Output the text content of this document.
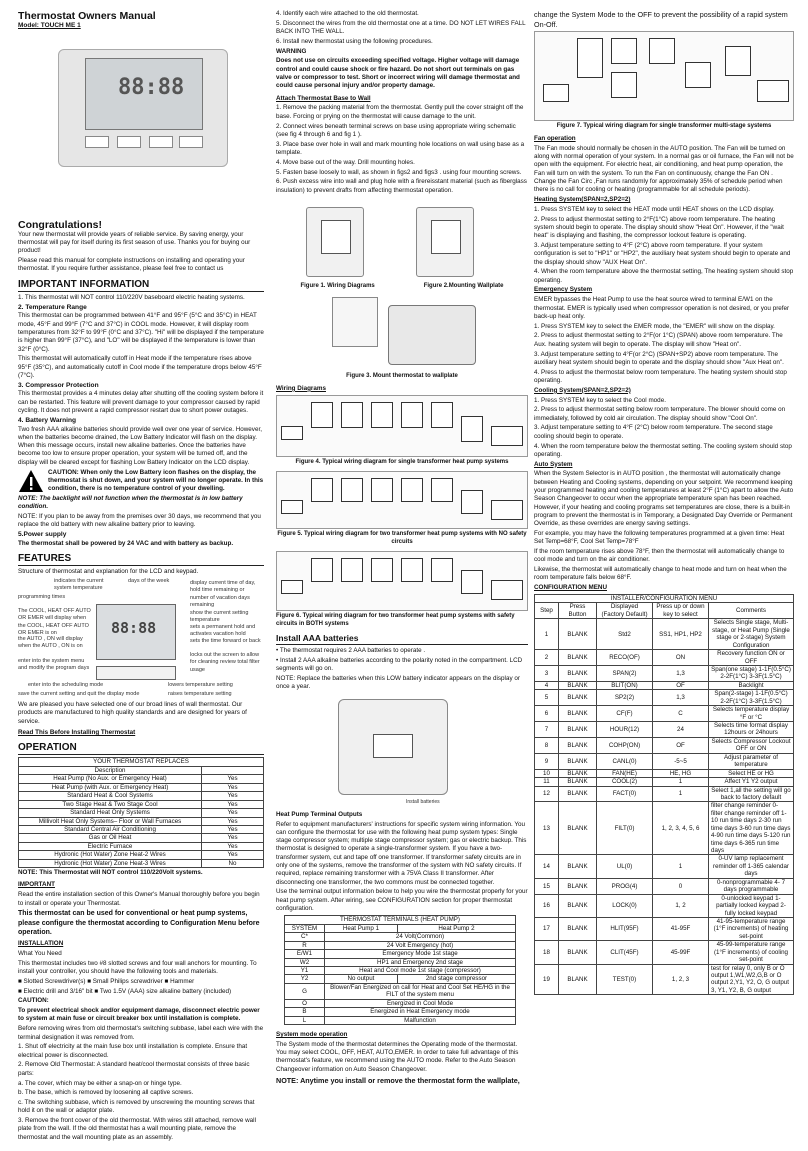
Thermostat Owners Manual
Model: TOUCH ME 1
88:88
Congratulations!

Your new thermostat will provide years of reliable service. By saving energy, your thermostat will pay for itself during its first season of use. Thanks you for buying our product!

Please read this manual for complete instructions on installing and operating your thermostat. If you require further assistance, please feel free to contact us

IMPORTANT INFORMATION

1. This thermostat will NOT control 110/220V baseboard electric heating systems.

2. Temperature Range

This thermostat can be programmed between 41°F and 95°F (5°C and 35°C) in HEAT mode, 45°F and 99°F (7°C and 37°C) in COOL mode. However, it will display room temperatures from 32°F to 99°F (0°C and 37°C). "Hi" will be displayed if the temperature is higher than 99°F (37°C), and "LO" will be displayed if the temperature is lower than 32°F (0°C).

This thermostat will automatically cutoff in Heat mode if the temperature rises above 95°F (35°C), and automatically cutoff in Cool mode if the temperature drops below 45°F (7°C).

3. Compressor Protection

This thermostat provides a 4 minutes delay after shutting off the cooling system before it can be restarted. This feature will prevent damage to your compressor caused by rapid cycling. It does not prevent a rapid compressor restart due to short power outages.

4. Battery Warning

Two fresh AAA alkaline batteries should provide well over one year of service. However, when the batteries become drained, the Low Battery Indicator will flash on the display. When this message occurs, install new alkaline batteries. Once the batteries have become too low to ensure proper operation, your system will be turned off, and the display will be cleared except for flashing Low Battery Indicator on the LCD display.

CAUTION: When only the Low Battery icon flashes on the display, the thermostat is shut down, and your system will no longer operate. In this condition, there is no temperature control of your dwelling.

NOTE: The backlight will not function when the thermostat is in low battery condition.

NOTE: If you plan to be away from the premises over 30 days, we recommend that you replace the old battery with new alkaline battery prior to leaving.

5.Power supply

The thermostat shall be powered by 24 VAC and with battery as backup.

FEATURES

Structure of thermostat and explanation for the LCD and keypad.

88:88
indicates the current system temperature
days of the week	display current time of day, hold time remaining or number of vacation days remaining
programming times
The COOL, HEAT OFF AUTO OR EMER will display when the COOL, HEAT OFF AUTO OR EMER is on
show the current setting temperature
sets a permanent hold and activates vacation hold
the AUTO , ON will display when the AUTO , ON is on
sets the time forward or back
locks out the screen to allow for cleaning review total filter usage
enter into the system menu and modify the program days
enter into the scheduling mode	lowers temperature setting
save the current setting and quit the display mode	raises temperature setting

We are pleased you have selected one of our broad lines of wall thermostat. Our products are manufactured to high quality standards and are designed for years of service.

Read This Before Installing Thermostat

OPERATION
YOUR THERMOSTAT REPLACES	
Description	
Heat Pump (No Aux. or Emergency Heat)	Yes
Heat Pump (with Aux. or Emergency Heat)	Yes
Standard Heat & Cool Systems	Yes
Two Stage Heat & Two Stage Cool	Yes
Standard Heat Only Systems	Yes
Millivolt Heat Only Systems– Floor or Wall Furnaces	Yes
Standard Central Air Conditioning	Yes
Gas or Oil Heat	Yes
Electric Furnace	Yes
Hydronic (Hot Water) Zone Heat-2 Wires	Yes
Hydronic (Hot Water) Zone Heat-3 Wires	No

NOTE: This Thermostat will NOT control 110/220Volt systems.

IMPORTANT

Read the entire installation section of this Owner's Manual thoroughly before you begin to install or operate your Thermostat.

This thermostat can be used for conventional or heat pump systems, please configure the thermostat according to Configuration Menu before operation.

INSTALLATION

What You Need

This thermostat includes two #8 slotted screws and four wall anchors for mounting. To install your controller, you should have the following tools and materials.

■ Slotted Screwdriver(s) ■ Small Philips screwdriver ■ Hammer

■ Electric drill and 3/16" bit ■ Two 1.5V (AAA) size alkaline battery (included)

CAUTION:

To prevent electrical shock and/or equipment damage, disconnect electric power to system at main fuse or circuit breaker box until installation is complete.

Before removing wires from old thermostat's switching subbase, label each wire with the terminal designation it was removed from.

1. Shut off electricity at the main fuse box until installation is complete. Ensure that electrical power is disconnected.

2. Remove Old Thermostat: A standard heat/cool thermostat consists of three basic parts:

a. The cover, which may be either a snap-on or hinge type.

b. The base, which is removed by loosening all captive screws.

c. The switching subbase, which is removed by unscrewing the mounting screws that hold it on the wall or adaptor plate.

3. Remove the front cover of the old thermostat. With wires still attached, remove wall plate from the wall. If the old thermostat has a wall mounting plate, remove the thermostat and the wall mounting plate as an assembly.

4. Identify each wire attached to the old thermostat.

5. Disconnect the wires from the old thermostat one at a time. DO NOT LET WIRES FALL BACK INTO THE WALL.

6. Install new thermostat using the following procedures.

WARNING

Does not use on circuits exceeding specified voltage. Higher voltage will damage control and could cause shock or fire hazard. Do not short out terminals on gas valve or compressor to test. Short or incorrect wiring will damage thermostat and could cause personal injury and/or property damage.

Attach Thermostat Base to Wall

1. Remove the packing material from the thermostat. Gently pull the cover straight off the base. Forcing or prying on the thermostat will cause damage to the unit.

2. Connect wires beneath terminal screws on base using appropriate wiring schematic (see fig 4 through 6 and fig 1 ).

3. Place base over hole in wall and mark mounting hole locations on wall using base as a template.

4. Move base out of the way. Drill mounting holes.

5. Fasten base loosely to wall, as shown in figs2 and figs3 . using four mounting screws.

6. Push excess wire into wall and plug hole with a firereisstant material (such as fiberglass insulation) to prevent drafts from affecting thermostat operation.

Figure 1. Wiring Diagrams	Figure 2.Mounting Wallplate
Figure 3. Mount thermostat to wallplate

Wiring Diagrams

Figure 4. Typical wiring diagram for single transformer heat pump systems
Figure 5. Typical wiring diagram for two transformer heat pump systems with NO safety circuits
Figure 6. Typical wiring diagram for two transformer heat pump systems with safety circuits in BOTH systems
Install AAA batteries

• The thermostat requires 2 AAA batteries to operate .

• Install 2 AAA alkaline batteries according to the polarity noted in the compartment. LCD segments will go on.

NOTE: Replace the batteries when this LOW battery indicator appears on the display or once a year.

Install batteries

Heat Pump Terminal Outputs

Refer to equipment manufacturers' instructions for specific system wiring information. You can configure the thermostat for use with the following heat pump system types: Single stage compressor system; multiple stage compressor system; gas or electric backup. This thermostat is designed to operate a single-transformer system. If you have a two-transformer system, cut and tape off one transformer. If transformer safety circuits are in only one of the systems, remove the transformer of the system with NO safety circuits. If required, replace remaining transformer with a 75VA Class II transformer. After disconnecting one transformer, the two commons must be connected together.

Use the terminal output information below to help you wire the thermostat properly for your heat pump system. After wiring, see CONFIGURATION section for proper thermostat configuration.

THERMOSTAT TERMINALS (HEAT PUMP)		
SYSTEM	Heat Pump 1	Heat Pump 2
C*	24 Volt(Common)	
R	24 Volt Emergency (hot)	
E/W1	Emergency Mode 1st stage	
W2	HP1 and Emergency 2nd stage	
Y1	Heat and Cool mode 1st stage (compressor)	
Y2	No output	2nd stage compressor
G	Blower/Fan Energized on call for Heat and Cool Set HE/HG in the FILT of the system menu	
O	Energized in Cool Mode	
B	Energized in Heat Emergency mode	
L	Malfunction	

System mode operation

The System mode of the thermostat determines the Operating mode of the thermostat. You may select COOL, OFF, HEAT, AUTO,EMER. In order to take full advantage of this thermostat's feature, we recommend using the AUTO mode. Refer to the Auto Season Changeover information on Auto Season Changeover.

NOTE: Anytime you install or remove the thermostat form the wallplate,

change the System Mode to the OFF to prevent the possibility of a rapid system On-Off.

Figure 7. Typical wiring diagram for single transformer multi-stage systems

Fan operation

The Fan mode should normally be chosen in the AUTO position. The Fan will be turned on along with normal operation of your system. In a normal gas or oil furnace, the Fan will not be open with the equipment. For electric heat, air conditioning, and heat pump operation, the Fan will turn on with the system. To run the Fan on continuously, change the Fan ON . Change the Fan Circ ,Fan runs randomly for approximately 35% of schedule period when there is no call for cooling or heating (programmable for all schedule periods).

Heating System(SPAN=2,SP2=2)

1. Press SYSTEM key to select the HEAT mode until HEAT shows on the LCD display.

2. Press to adjust thermostat setting to 2°F(1°C) above room temperature. The heating system should begin to operate. The display should show "Heat On". However, if the "wait heat" is displaying and flashing, the compressor lockout feature is operating.

3. Adjust temperature setting to 4°F (2°C) above room temperature. If your system configuration is set to "HP1" or "HP2", the auxiliary heat system should begin to operate and the display should show "AUX Heat On".

4. When the room temperature above the thermostat setting, The heating system should stop operating.

Emergency System

EMER bypasses the Heat Pump to use the heat source wired to terminal E/W1 on the thermostat. EMER is typically used when compressor operation is not desired, or you prefer back-up heat only.

1. Press SYSTEM key to select the EMER mode, the "EMER" will show on the display.

2. Press to adjust thermostat setting to 2°F(or 1°C) (SPAN) above room temperature. The Aux. heating system will begin to operate. The display will show "Heat on".

3. Adjust temperature setting to 4°F(or 2°C) (SPAN+SP2) above room temperature. The auxiliary heat system should begin to operate and the display should show "Aux Heat on".

4. Press to adjust the thermostat below room temperature. The heating system should stop operating.

Cooling System(SPAN=2,SP2=2)

1. Press SYSTEM key to select the Cool mode.

2. Press to adjust thermostat setting below room temperature. The blower should come on immediately, followed by cold air circulation. The display should show "Cool On".

3. Adjust temperature setting to 4°F (2°C) below room temperature. The second stage cooling should begin to operate.

4. When the room temperature below the thermostat setting. The cooling system should stop operating.

Auto System

When the System Selector is in AUTO position , the thermostat will automatically change between Heating and Cooling systems, depending on your setpoint. We recommend keeping your programmed heating and cooling temperatures at least 2°F (1°C) apart to allow the Auto Season Changeover to occur when the appropriate temperature span has been reached. However, if your heating and cooling programs set temperatures are close, there is a built-in program to prevent the thermostat is in Temporary, a Designated Day Override or Permanent Override, as these overrides are energy saving settings.

For example, you may have the following temperatures programmed at a given time: Heat Set Temp=68°F, Cool Set Temp=78°F

If the room temperature rises above 78°F, then the thermostat will automatically change to cool mode and turn on the air conditioner.

Likewise, the thermostat will automatically change to heat mode and turn on heat when the room temperature falls below 68°F.

CONFIGURATION MENU

INSTALLER/CONFIGURATION MENU				
Step	Press Button	Displayed (Factory Default)	Press up or down key to select	Comments
1	BLANK	Std2	SS1, HP1, HP2	Selects Single stage, Multi-stage, or Heat Pump (Single stage or 2-stage) System Configuration
2	BLANK	RECO(OF)	ON	Recovery function ON or OFF
3	BLANK	SPAN(2)	1,3	Span(one stage) 1-1F(0.5°C) 2-2F(1°C) 3-3F(1.5°C)
4	BLANK	BLIT(ON)	OF	Backlight
5	BLANK	SP2(2)	1,3	Span(2-stage) 1-1F(0.5°C) 2-2F(1°C) 3-3F(1.5°C)
6	BLANK	CF(F)	C	Selects temperature display °F or °C
7	BLANK	HOUR(12)	24	Selects time format display 12hours or 24hours
8	BLANK	COHP(ON)	OF	Selects Compressor Lockout OFF or ON
9	BLANK	CANL(0)	-5~5	Adjust parameter of temperature
10	BLANK	FAN(HE)	HE, HG	Select HE or HG
11	BLANK	COOL(2)	1	Affect Y1 Y2 output
12	BLANK	FACT(0)	1	Select 1,all the setting will go back to factory default
13	BLANK	FILT(0)	1, 2, 3, 4, 5, 6	filter change reminder 0- filter change reminder off 1-10 run time days 2-30 run time days 3-60 run time days 4-90 run time days 5-120 run time days 6-365 run time days
14	BLANK	UL(0)	1	0-UV lamp replacement reminder off 1-365 calendar days
15	BLANK	PROG(4)	0	0-nonprogrammable 4- 7 days programmable
16	BLANK	LOCK(0)	1, 2	0-unlocked keypad 1-partially locked keypad 2-fully locked keypad
17	BLANK	HLIT(95F)	41-95F	41-95-temperature range (1°F increments) of heating set-point
18	BLANK	CLIT(45F)	45-99F	45-99-temperature range (1°F increments) of cooling set-point
19	BLANK	TEST(0)	1, 2, 3	test for relay 0, only B or O output 1,W1,W2,G,B or O output 2,Y1, Y2, O, G output 3, Y1, Y2, B, G output
